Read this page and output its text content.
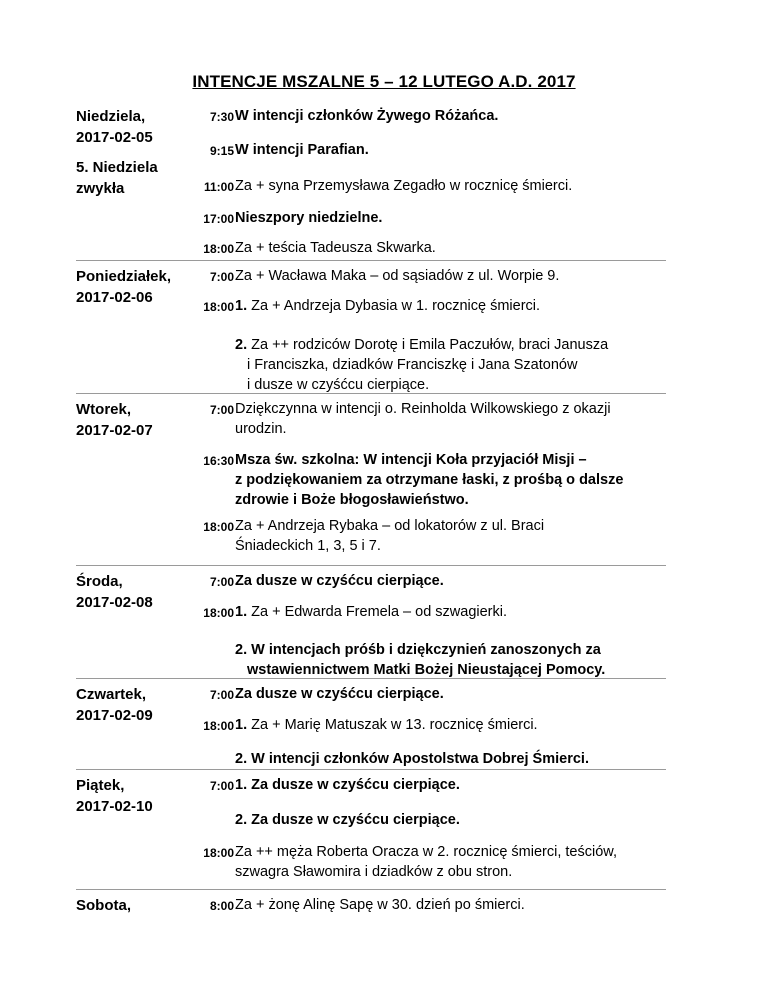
INTENCJE MSZALNE 5 – 12 LUTEGO A.D. 2017
Niedziela,
2017-02-05
5. Niedziela
zwykła
7:30 W intencji członków Żywego Różańca.
9:15 W intencji Parafian.
11:00 Za + syna Przemysława Zegadło w rocznicę śmierci.
17:00 Nieszpory niedzielne.
18:00 Za + teścia Tadeusza Skwarka.
Poniedziałek,
2017-02-06
7:00 Za + Wacława Maka – od sąsiadów z ul. Worpie 9.
18:00 1. Za + Andrzeja Dybasia w 1. rocznicę śmierci.
2. Za ++ rodziców Dorotę i Emila Paczułów, braci Janusza
i Franciszka, dziadków Franciszkę i Jana Szatonów
i dusze w czyśćcu cierpiące.
Wtorek,
2017-02-07
7:00 Dziękczynna w intencji o. Reinholda Wilkowskiego z okazji
urodzin.
16:30 Msza św. szkolna: W intencji Koła przyjaciół Misji –
z podziękowaniem za otrzymane łaski, z prośbą o dalsze
zdrowie i Boże błogosławieństwo.
18:00 Za + Andrzeja Rybaka – od lokatorów z ul. Braci
Śniadeckich 1, 3, 5 i 7.
Środa,
2017-02-08
7:00 Za dusze w czyśćcu cierpiące.
18:00 1. Za + Edwarda Fremela – od szwagierki.
2. W intencjach próśb i dziękczynień zanoszonych za
wstawiennictwem Matki Bożej Nieustającej Pomocy.
Czwartek,
2017-02-09
7:00 Za dusze w czyśćcu cierpiące.
18:00 1. Za + Marię Matuszak w 13. rocznicę śmierci.
2. W intencji członków Apostolstwa Dobrej Śmierci.
Piątek,
2017-02-10
7:00 1. Za dusze w czyśćcu cierpiące.
2. Za dusze w czyśćcu cierpiące.
18:00 Za ++ męża Roberta Oracza w 2. rocznicę śmierci, teściów,
szwagra Sławomira i dziadków z obu stron.
Sobota,	8:00 Za + żonę Alinę Sapę w 30. dzień po śmierci.
